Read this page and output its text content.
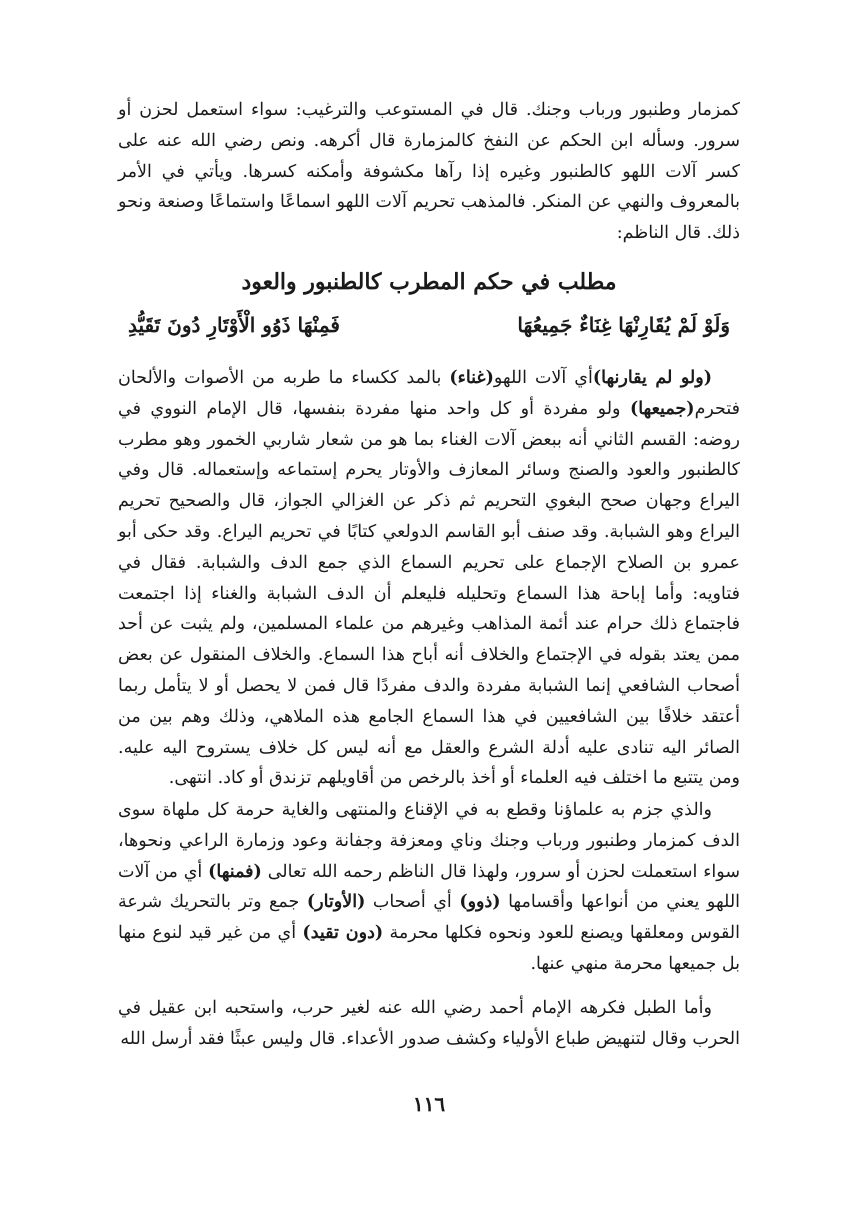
كمزمار وطنبور ورباب وجنك. قال في المستوعب والترغيب: سواء استعمل لحزن أو سرور. وسأله ابن الحكم عن النفخ كالمزمارة قال أكرهه. ونص رضي الله عنه على كسر آلات اللهو كالطنبور وغيره إذا رآها مكشوفة وأمكنه كسرها. ويأتي في الأمر بالمعروف والنهي عن المنكر. فالمذهب تحريم آلات اللهو اسماعًا واستماعًا وصنعة ونحو ذلك. قال الناظم:
مطلب في حكم المطرب كالطنبور والعود
وَلَوْ لَمْ يُقَارِنْهَا غِنَاءٌ جَمِيعُهَا
فَمِنْهَا ذَوُو الْأَوْتَارِ دُونَ تَقَيُّدِ
(ولو لم يقارنها)أي آلات اللهو(غناء) بالمد ككساء ما طربه من الأصوات والألحان فتحرم(جميعها) ولو مفردة أو كل واحد منها مفردة بنفسها، قال الإمام النووي في روضه: القسم الثاني أنه ببعض آلات الغناء بما هو من شعار شاربي الخمور وهو مطرب كالطنبور والعود والصنج وسائر المعازف والأوتار يحرم إستماعه وإستعماله. قال وفي اليراع وجهان صحح البغوي التحريم ثم ذكر عن الغزالي الجواز، قال والصحيح تحريم اليراع وهو الشبابة. وقد صنف أبو القاسم الدولعي كتابًا في تحريم اليراع. وقد حكى أبو عمرو بن الصلاح الإجماع على تحريم السماع الذي جمع الدف والشبابة. فقال في فتاويه: وأما إباحة هذا السماع وتحليله فليعلم أن الدف الشبابة والغناء إذا اجتمعت فاجتماع ذلك حرام عند أئمة المذاهب وغيرهم من علماء المسلمين، ولم يثبت عن أحد ممن يعتد بقوله في الإجتماع والخلاف أنه أباح هذا السماع. والخلاف المنقول عن بعض أصحاب الشافعي إنما الشبابة مفردة والدف مفردًا قال فمن لا يحصل أو لا يتأمل ربما أعتقد خلافًا بين الشافعيين في هذا السماع الجامع هذه الملاهي، وذلك وهم بين من الصائر اليه تنادى عليه أدلة الشرع والعقل مع أنه ليس كل خلاف يستروح اليه عليه. ومن يتتبع ما اختلف فيه العلماء أو أخذ بالرخص من أقاويلهم تزندق أو كاد. انتهى.
والذي جزم به علماؤنا وقطع به في الإقناع والمنتهى والغاية حرمة كل ملهاة سوى الدف كمزمار وطنبور ورباب وجنك وناي ومعزفة وجفانة وعود وزمارة الراعي ونحوها، سواء استعملت لحزن أو سرور، ولهذا قال الناظم رحمه الله تعالى (فمنها) أي من آلات اللهو يعني من أنواعها وأقسامها (ذوو) أي أصحاب (الأوتار) جمع وتر بالتحريك شرعة القوس ومعلقها ويصنع للعود ونحوه فكلها محرمة (دون تقيد) أي من غير قيد لنوع منها بل جميعها محرمة منهي عنها.
وأما الطبل فكرهه الإمام أحمد رضي الله عنه لغير حرب، واستحبه ابن عقيل في الحرب وقال لتنهيض طباع الأولياء وكشف صدور الأعداء. قال وليس عبثًا فقد أرسل الله
١١٦
